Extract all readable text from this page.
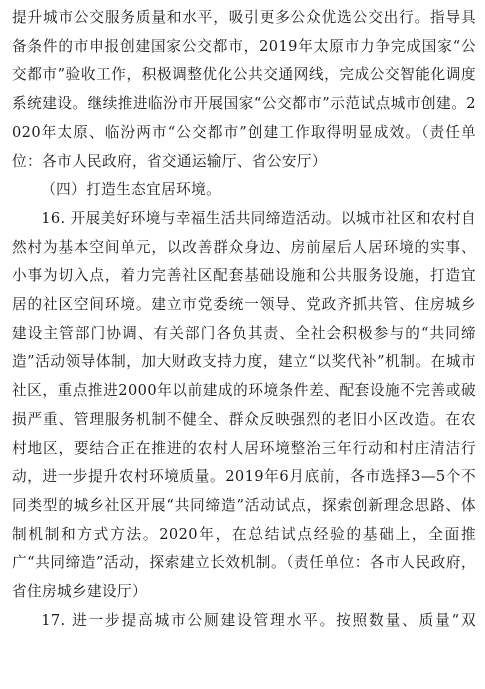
提升城市公交服务质量和水平，吸引更多公众优选公交出行。指导具备条件的市申报创建国家公交都市，2019年太原市力争完成国家“公交都市”验收工作，积极调整优化公共交通网线，完成公交智能化调度系统建设。继续推进临汾市开展国家“公交都市”示范试点城市创建。2020年太原、临汾两市“公交都市”创建工作取得明显成效。（责任单位：各市人民政府，省交通运输厅、省公安厅）

（四）打造生态宜居环境。

16. 开展美好环境与幸福生活共同缔造活动。以城市社区和农村自然村为基本空间单元，以改善群众身边、房前屋后人居环境的实事、小事为切入点，着力完善社区配套基础设施和公共服务设施，打造宜居的社区空间环境。建立市党委统一领导、党政齐抓共管、住房城乡建设主管部门协调、有关部门各负其责、全社会积极参与的“共同缔造”活动领导体制，加大财政支持力度，建立“以奖代补”机制。在城市社区，重点推进2000年以前建成的环境条件差、配套设施不完善或破损严重、管理服务机制不健全、群众反映强烈的老旧小区改造。在农村地区，要结合正在推进的农村人居环境整治三年行动和村庄清洁行动，进一步提升农村环境质量。2019年6月底前，各市选择3—5个不同类型的城乡社区开展“共同缔造”活动试点，探索创新理念思路、体制机制和方式方法。2020年，在总结试点经验的基础上，全面推广“共同缔造”活动，探索建立长效机制。（责任单位：各市人民政府，省住房城乡建设厅）

17. 进一步提高城市公厕建设管理水平。按照数量、质量“双
